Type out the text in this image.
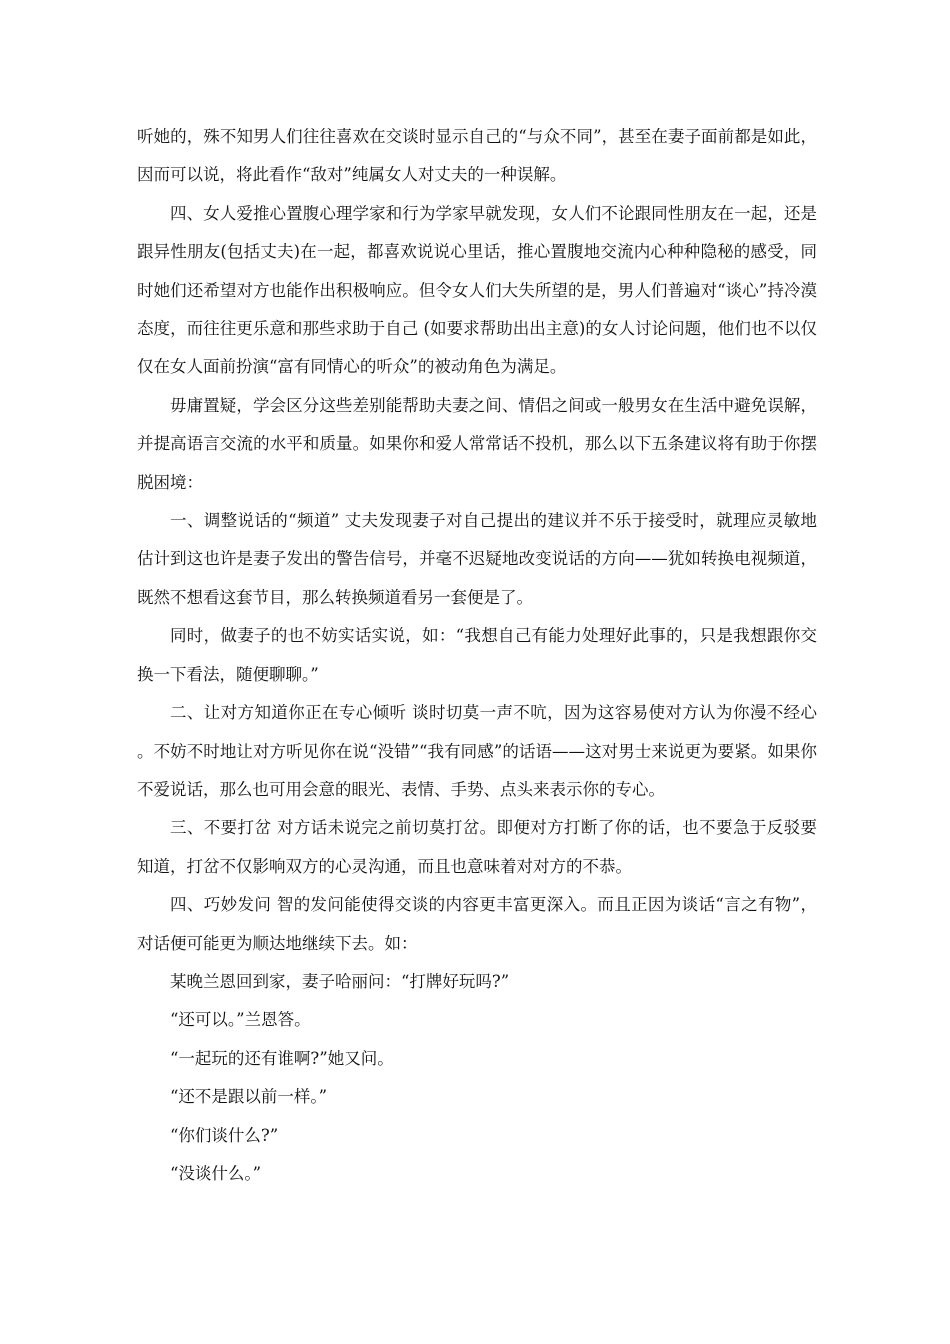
听她的，殊不知男人们往往喜欢在交谈时显示自己的“与众不同”，甚至在妻子面前都是如此，因而可以说，将此看作“敌对”纯属女人对丈夫的一种误解。

四、女人爱推心置腹心理学家和行为学家早就发现，女人们不论跟同性朋友在一起，还是跟异性朋友(包括丈夫)在一起，都喜欢说说心里话，推心置腹地交流内心种种隐秘的感受，同时她们还希望对方也能作出积极响应。但令女人们大失所望的是，男人们普遍对“谈心”持冷漠态度，而往往更乐意和那些求助于自己 (如要求帮助出出主意)的女人讨论问题，他们也不以仅仅在女人面前扮演“富有同情心的听众”的被动角色为满足。

毋庸置疑，学会区分这些差别能帮助夫妻之间、情侣之间或一般男女在生活中避免误解，并提高语言交流的水平和质量。如果你和爱人常常话不投机，那么以下五条建议将有助于你摆脱困境：

一、调整说话的“频道” 丈夫发现妻子对自己提出的建议并不乐于接受时，就理应灵敏地估计到这也许是妻子发出的警告信号，并毫不迟疑地改变说话的方向——犹如转换电视频道，既然不想看这套节目，那么转换频道看另一套便是了。

同时，做妻子的也不妨实话实说，如：“我想自己有能力处理好此事的，只是我想跟你交换一下看法，随便聊聊。”

二、让对方知道你正在专心倾听 谈时切莫一声不吭，因为这容易使对方认为你漫不经心。不妨不时地让对方听见你在说“没错”“我有同感”的话语——这对男士来说更为要紧。如果你不爱说话，那么也可用会意的眼光、表情、手势、点头来表示你的专心。

三、不要打岔 对方话未说完之前切莫打岔。即便对方打断了你的话，也不要急于反驳要知道，打岔不仅影响双方的心灵沟通，而且也意味着对对方的不恭。

四、巧妙发问 智的发问能使得交谈的内容更丰富更深入。而且正因为谈话“言之有物”，对话便可能更为顺达地继续下去。如：

某晚兰恩回到家，妻子哈丽问：“打牌好玩吗?”

“还可以。”兰恩答。

“一起玩的还有谁啊?”她又问。

“还不是跟以前一样。”

“你们谈什么?”

“没谈什么。”
